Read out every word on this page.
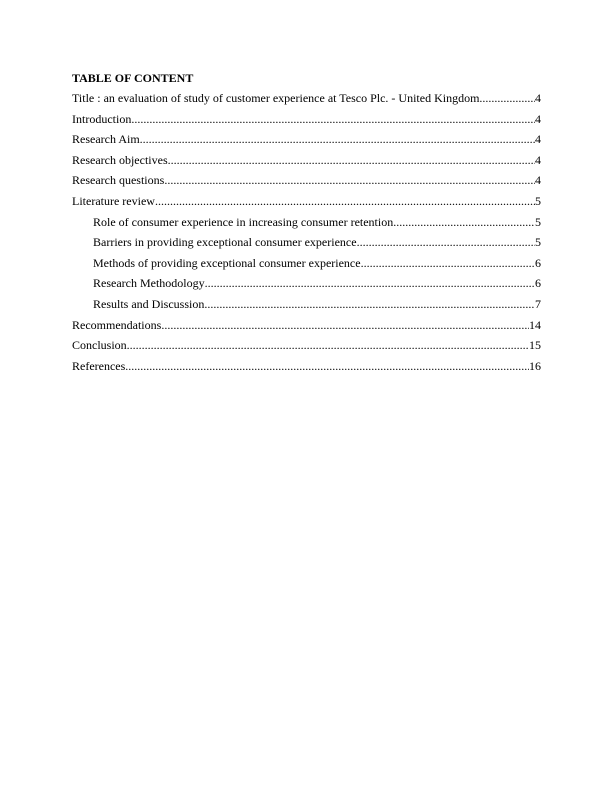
TABLE OF CONTENT
Title : an evaluation of study of customer experience at Tesco Plc. - United Kingdom .....	4
Introduction .....	4
Research Aim .....	4
Research objectives .....	4
Research questions .....	4
Literature review .....	5
Role of consumer experience in increasing consumer retention .....	5
Barriers in providing exceptional consumer experience .....	5
Methods of providing exceptional consumer experience .....	6
Research Methodology .....	6
Results and Discussion .....	7
Recommendations .....	14
Conclusion .....	15
References .....	16
